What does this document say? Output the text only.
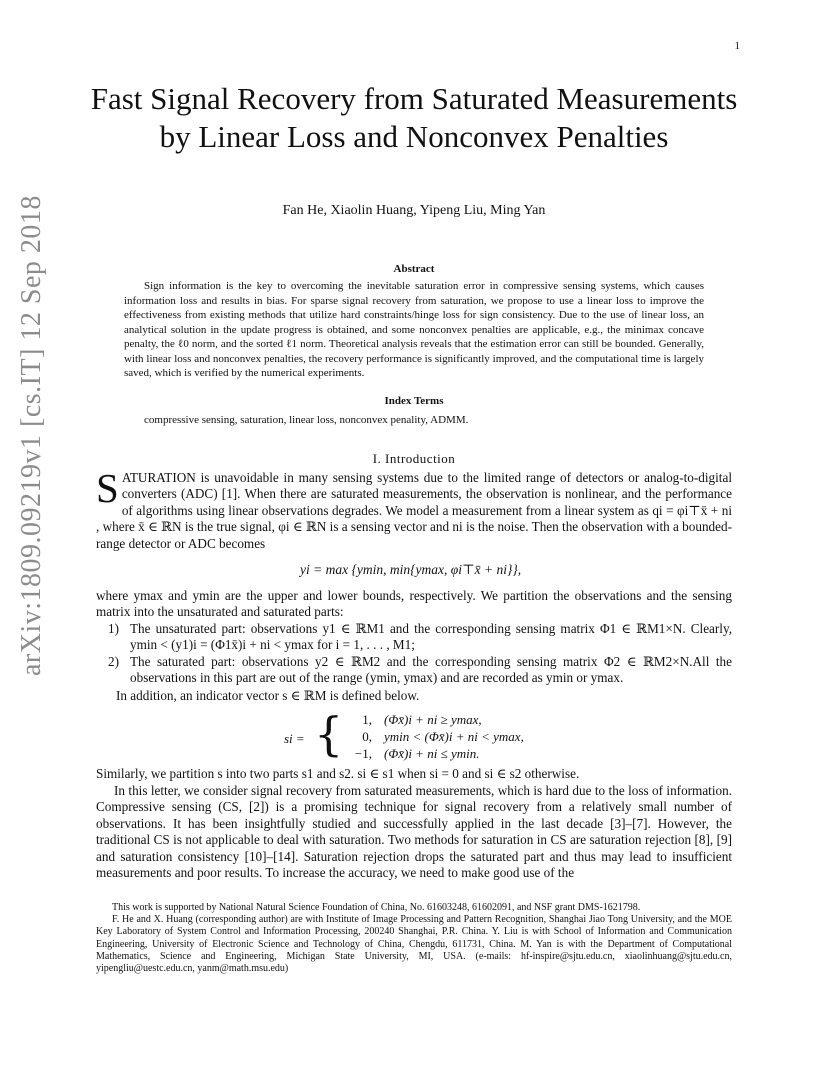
1
arXiv:1809.09219v1 [cs.IT] 12 Sep 2018
Fast Signal Recovery from Saturated Measurements by Linear Loss and Nonconvex Penalties
Fan He, Xiaolin Huang, Yipeng Liu, Ming Yan
Abstract
Sign information is the key to overcoming the inevitable saturation error in compressive sensing systems, which causes information loss and results in bias. For sparse signal recovery from saturation, we propose to use a linear loss to improve the effectiveness from existing methods that utilize hard constraints/hinge loss for sign consistency. Due to the use of linear loss, an analytical solution in the update progress is obtained, and some nonconvex penalties are applicable, e.g., the minimax concave penalty, the ℓ0 norm, and the sorted ℓ1 norm. Theoretical analysis reveals that the estimation error can still be bounded. Generally, with linear loss and nonconvex penalties, the recovery performance is significantly improved, and the computational time is largely saved, which is verified by the numerical experiments.
Index Terms
compressive sensing, saturation, linear loss, nonconvex penality, ADMM.
I. Introduction
SATURATION is unavoidable in many sensing systems due to the limited range of detectors or analog-to-digital converters (ADC) [1]. When there are saturated measurements, the observation is nonlinear, and the performance of algorithms using linear observations degrades. We model a measurement from a linear system as qi = φi⊤x̄ + ni , where x̄ ∈ ℝN is the true signal, φi ∈ ℝN is a sensing vector and ni is the noise. Then the observation with a bounded-range detector or ADC becomes
yi = max {ymin, min{ymax, φi⊤x̄ + ni}},
where ymax and ymin are the upper and lower bounds, respectively. We partition the observations and the sensing matrix into the unsaturated and saturated parts:
1) The unsaturated part: observations y1 ∈ ℝM1 and the corresponding sensing matrix Φ1 ∈ ℝM1×N. Clearly, ymin < (y1)i = (Φ1x̄)i + ni < ymax for i = 1, . . . , M1;
2) The saturated part: observations y2 ∈ ℝM2 and the corresponding sensing matrix Φ2 ∈ ℝM2×N.All the observations in this part are out of the range (ymin, ymax) and are recorded as ymin or ymax.
In addition, an indicator vector s ∈ ℝM is defined below.
si = {	1, (Φx̄)i + ni ≥ ymax,
0, ymin < (Φx̄)i + ni < ymax,
−1, (Φx̄)i + ni ≤ ymin.
Similarly, we partition s into two parts s1 and s2. si ∈ s1 when si = 0 and si ∈ s2 otherwise.
In this letter, we consider signal recovery from saturated measurements, which is hard due to the loss of information. Compressive sensing (CS, [2]) is a promising technique for signal recovery from a relatively small number of observations. It has been insightfully studied and successfully applied in the last decade [3]–[7]. However, the traditional CS is not applicable to deal with saturation. Two methods for saturation in CS are saturation rejection [8], [9] and saturation consistency [10]–[14]. Saturation rejection drops the saturated part and thus may lead to insufficient measurements and poor results. To increase the accuracy, we need to make good use of the
This work is supported by National Natural Science Foundation of China, No. 61603248, 61602091, and NSF grant DMS-1621798.
F. He and X. Huang (corresponding author) are with Institute of Image Processing and Pattern Recognition, Shanghai Jiao Tong University, and the MOE Key Laboratory of System Control and Information Processing, 200240 Shanghai, P.R. China. Y. Liu is with School of Information and Communication Engineering, University of Electronic Science and Technology of China, Chengdu, 611731, China. M. Yan is with the Department of Computational Mathematics, Science and Engineering, Michigan State University, MI, USA. (e-mails: hf-inspire@sjtu.edu.cn, xiaolinhuang@sjtu.edu.cn, yipengliu@uestc.edu.cn, yanm@math.msu.edu)
